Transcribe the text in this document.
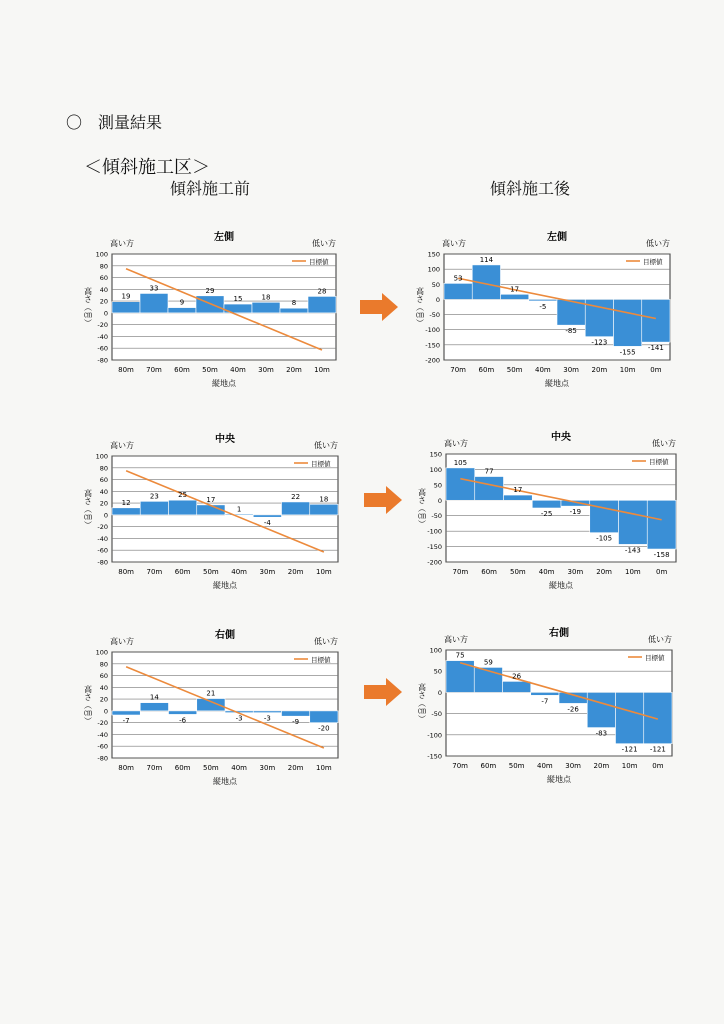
〇　測量結果
＜傾斜施工区＞
傾斜施工前	傾斜施工後
左側
高い方	低い方
-80
-60
-40
-20
0
20
40
60
80
100
高さ（㎝）	19
33
9
29
15	18
8
28
目標値
80m 70m 60m 50m 40m 30m 20m 10m
縦地点
左側
高い方	低い方
-200
-150
-100
-50
0
50
100
150
高さ（㎝）
53
114
17
-5
-85
-123
-155
-141
目標値
70m 60m 50m 40m 30m 20m 10m 0m
縦地点
中央
高い方	低い方
-80
-60
-40
-20
0
20
40
60
80
100
高さ（㎝）	12
23	25
17
1
-4
22	18
目標値
80m 70m 60m 50m 40m 30m 20m 10m
縦地点
中央
高い方	低い方
-200
-150
-100
-50
0
50
100
150
高さ（㎝）
105
77
17
-25 -19
-105
-143
-158
目標値
70m 60m 50m 40m 30m 20m 10m 0m
縦地点
右側
高い方	低い方
-80
-60
-40
-20
0
20
40
60
80
100
高さ（㎝）	-7
14
-6
21
-3	-3	-9
-20
目標値
80m 70m 60m 50m 40m 30m 20m 10m
縦地点
右側
高い方	低い方
-150
-100
-50
0
50
100
高さ（㎝）
75
59
26
-7
-26
-83
-121 -121
目標値
70m 60m 50m 40m 30m 20m 10m 0m
縦地点
